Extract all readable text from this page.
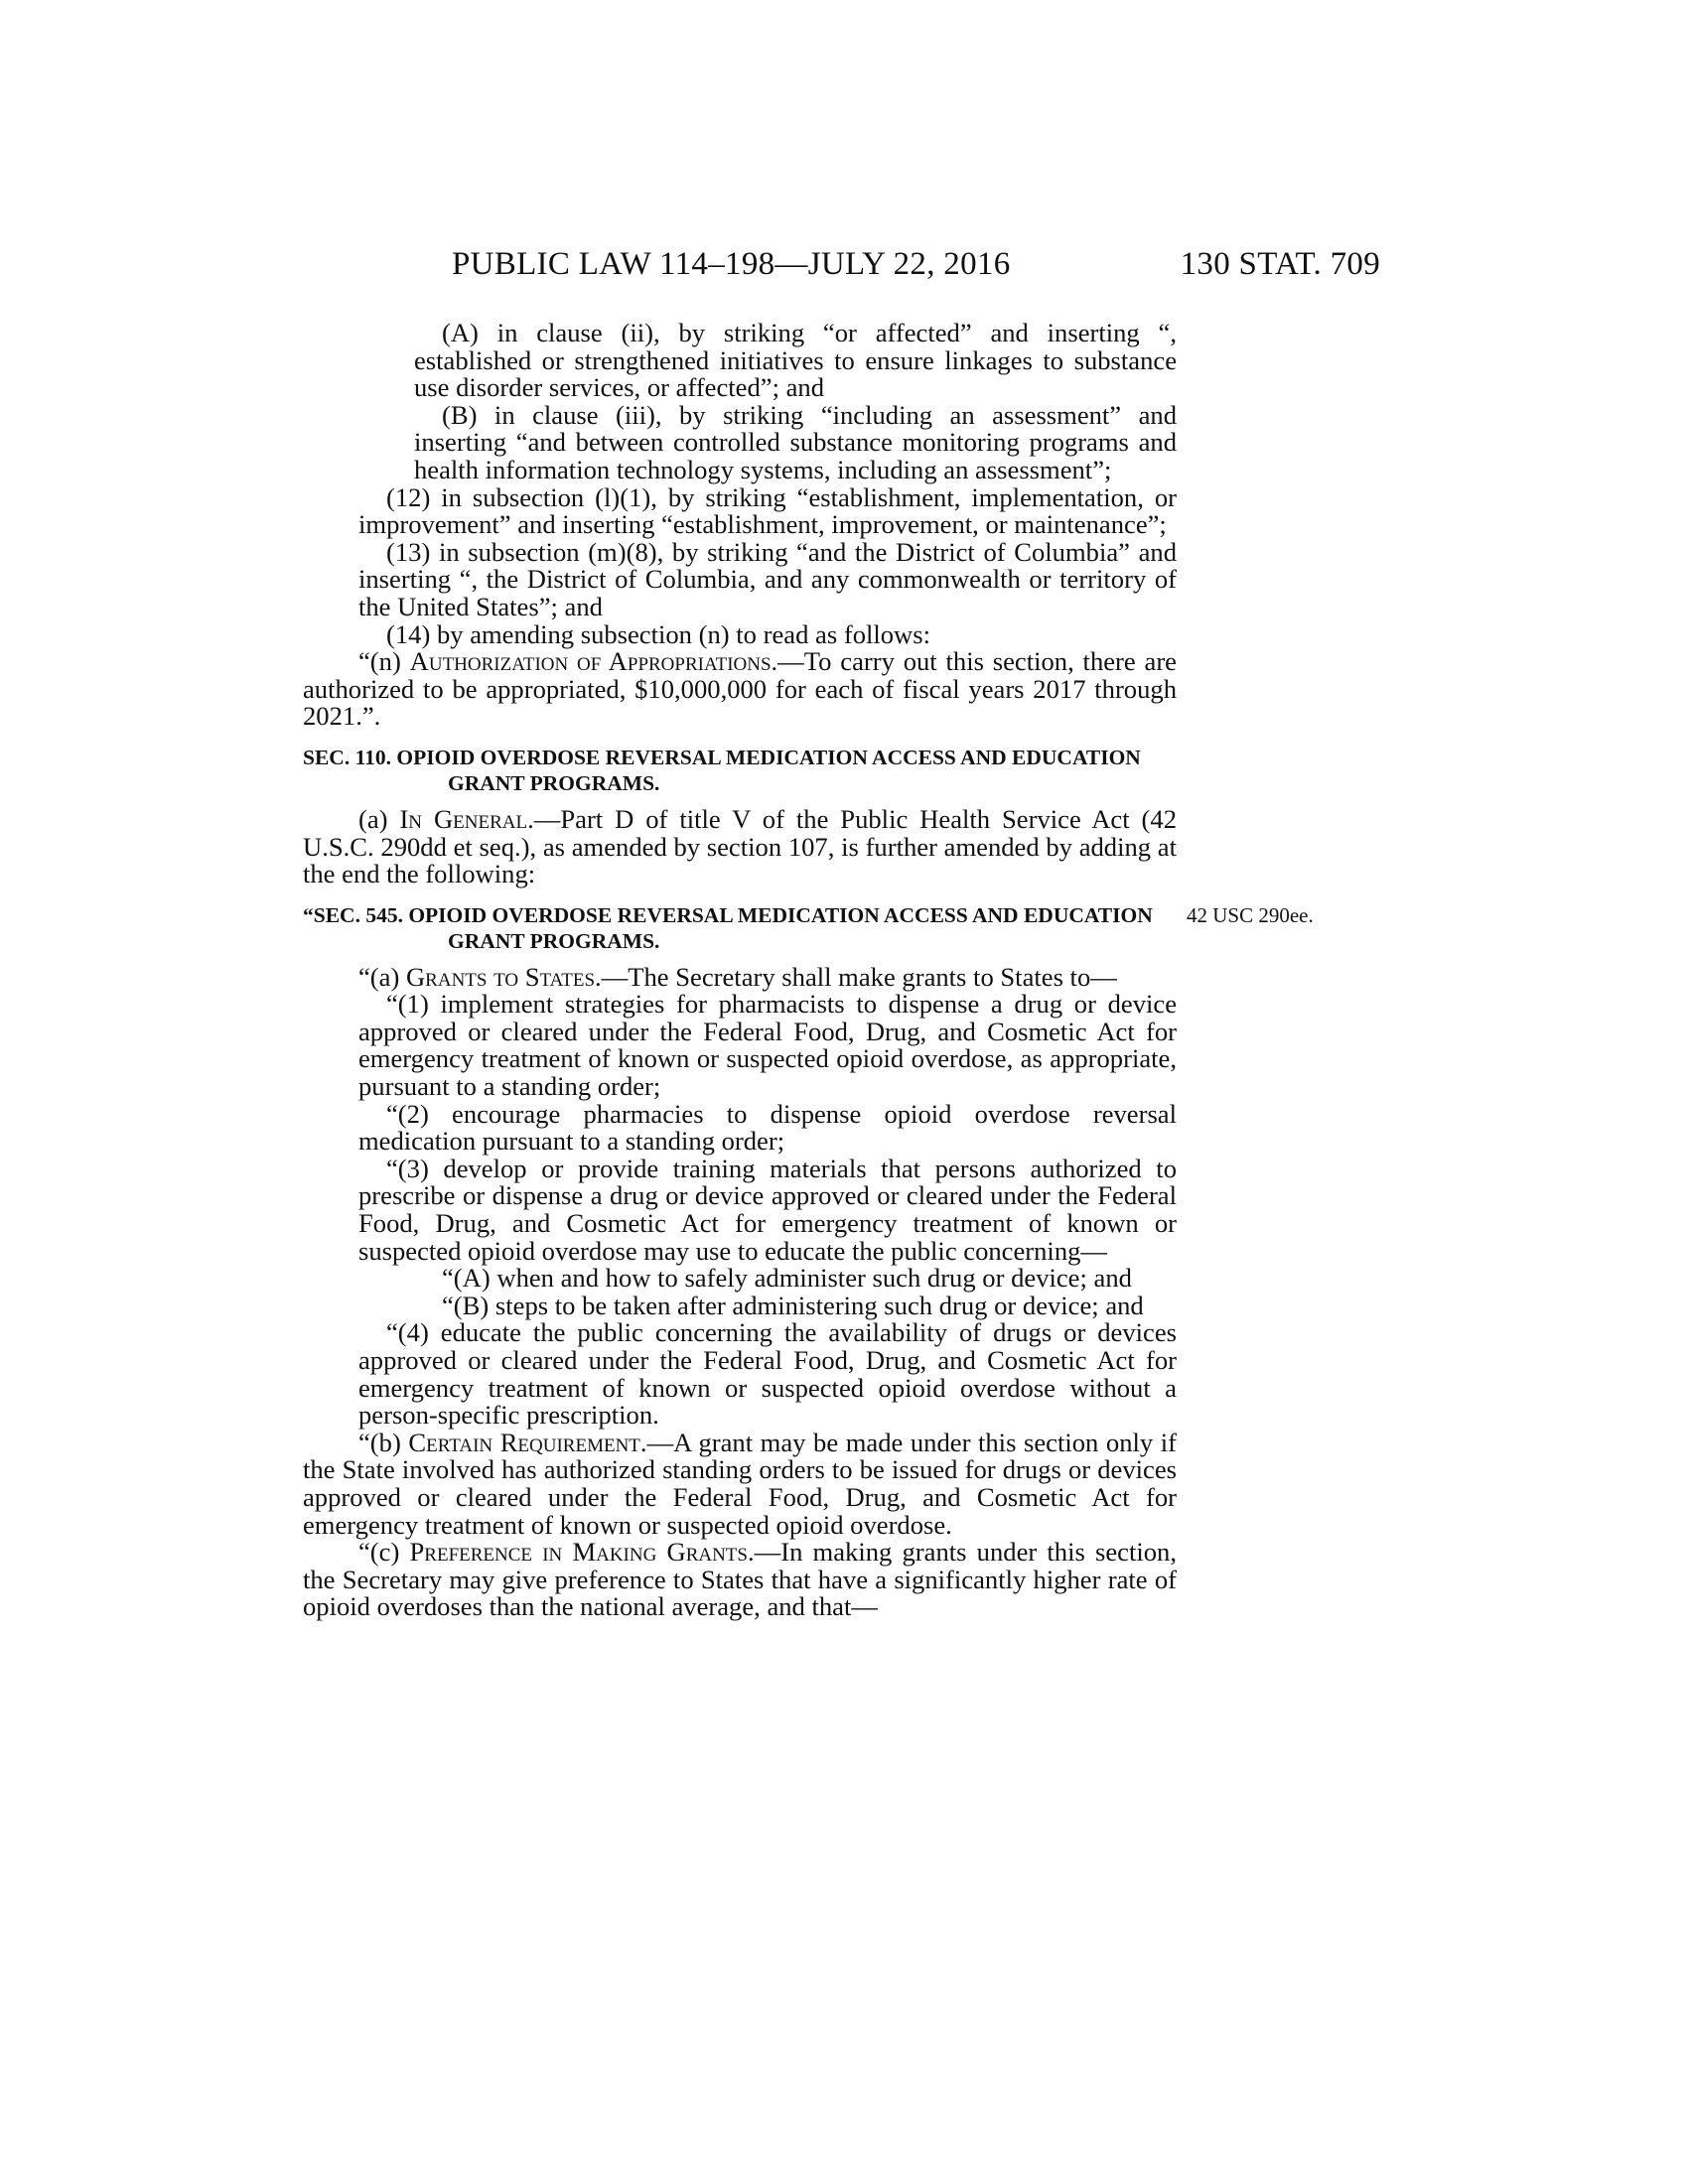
PUBLIC LAW 114–198—JULY 22, 2016	130 STAT. 709

(A) in clause (ii), by striking “or affected” and inserting “, established or strengthened initiatives to ensure linkages to substance use disorder services, or affected”; and

(B) in clause (iii), by striking “including an assessment” and inserting “and between controlled substance monitoring programs and health information technology systems, including an assessment”;

(12) in subsection (l)(1), by striking “establishment, implementation, or improvement” and inserting “establishment, improvement, or maintenance”;

(13) in subsection (m)(8), by striking “and the District of Columbia” and inserting “, the District of Columbia, and any commonwealth or territory of the United States”; and

(14) by amending subsection (n) to read as follows:

“(n) Authorization of Appropriations.—To carry out this section, there are authorized to be appropriated, $10,000,000 for each of fiscal years 2017 through 2021.”.

SEC. 110. OPIOID OVERDOSE REVERSAL MEDICATION ACCESS AND EDUCATION GRANT PROGRAMS.

(a) In General.—Part D of title V of the Public Health Service Act (42 U.S.C. 290dd et seq.), as amended by section 107, is further amended by adding at the end the following:

“SEC. 545. OPIOID OVERDOSE REVERSAL MEDICATION ACCESS AND EDUCATION GRANT PROGRAMS.
42 USC 290ee.

“(a) Grants to States.—The Secretary shall make grants to States to—

“(1) implement strategies for pharmacists to dispense a drug or device approved or cleared under the Federal Food, Drug, and Cosmetic Act for emergency treatment of known or suspected opioid overdose, as appropriate, pursuant to a standing order;

“(2) encourage pharmacies to dispense opioid overdose reversal medication pursuant to a standing order;

“(3) develop or provide training materials that persons authorized to prescribe or dispense a drug or device approved or cleared under the Federal Food, Drug, and Cosmetic Act for emergency treatment of known or suspected opioid overdose may use to educate the public concerning—

“(A) when and how to safely administer such drug or device; and

“(B) steps to be taken after administering such drug or device; and

“(4) educate the public concerning the availability of drugs or devices approved or cleared under the Federal Food, Drug, and Cosmetic Act for emergency treatment of known or suspected opioid overdose without a person-specific prescription.

“(b) Certain Requirement.—A grant may be made under this section only if the State involved has authorized standing orders to be issued for drugs or devices approved or cleared under the Federal Food, Drug, and Cosmetic Act for emergency treatment of known or suspected opioid overdose.

“(c) Preference in Making Grants.—In making grants under this section, the Secretary may give preference to States that have a significantly higher rate of opioid overdoses than the national average, and that—
